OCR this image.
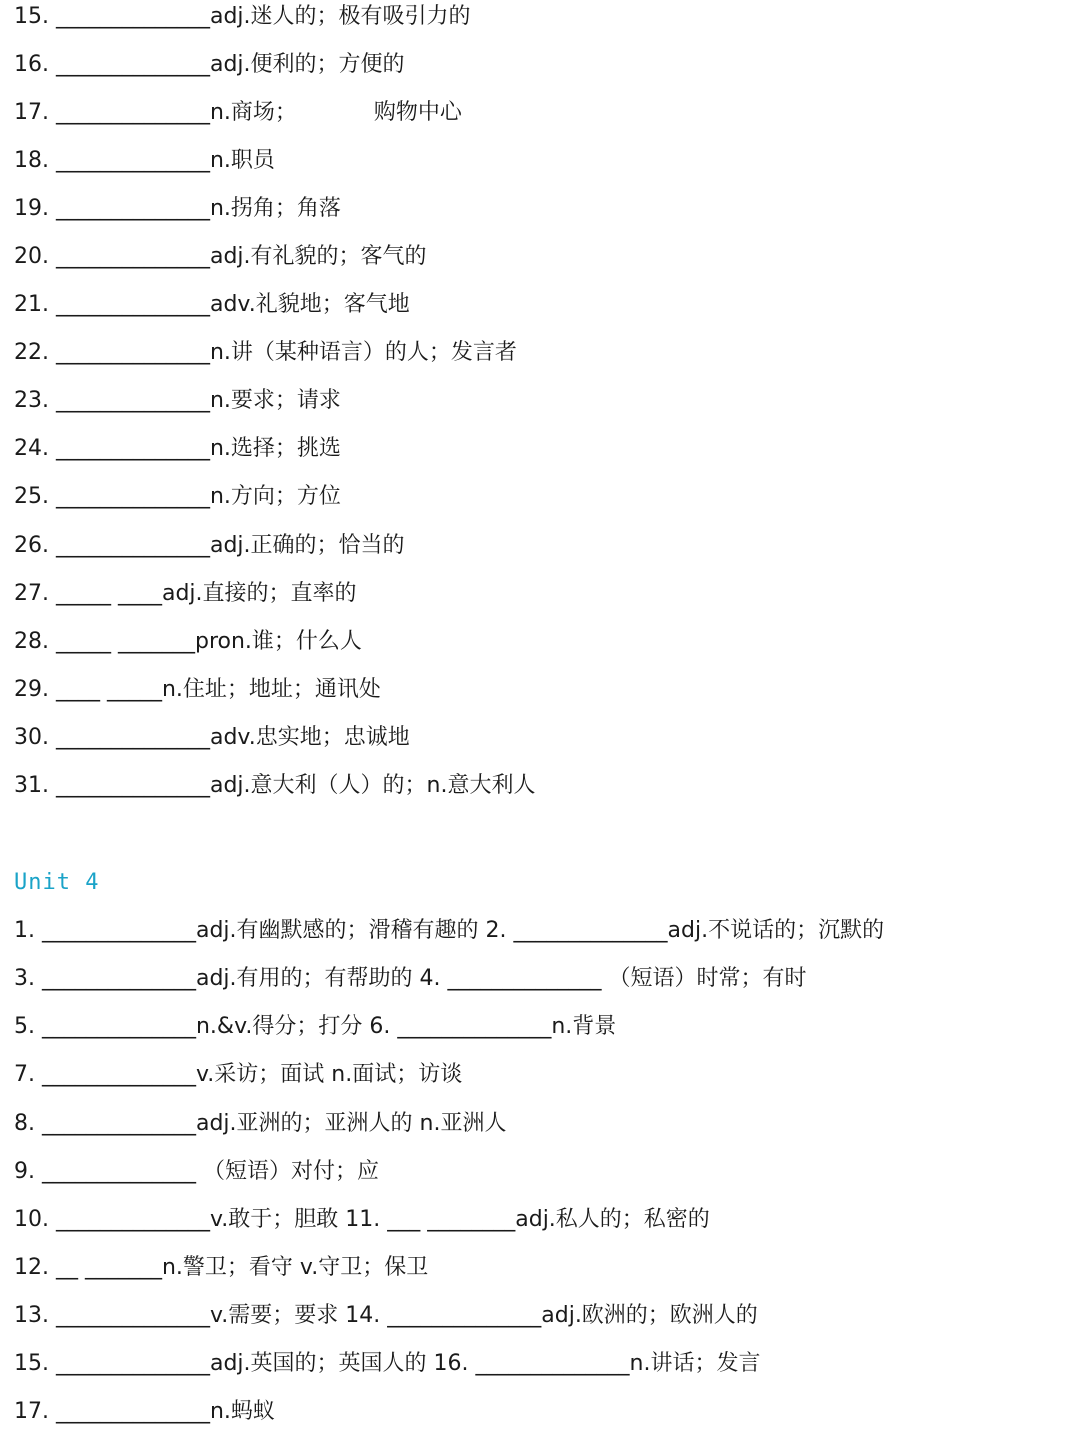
15. ______________adj.迷人的；极有吸引力的
16. ______________adj.便利的；方便的
17. ______________n.商场；           购物中心
18. ______________n.职员
19. ______________n.拐角；角落
20. ______________adj.有礼貌的；客气的
21. ______________adv.礼貌地；客气地
22. ______________n.讲（某种语言）的人；发言者
23. ______________n.要求；请求
24. ______________n.选择；挑选
25. ______________n.方向；方位
26. ______________adj.正确的；恰当的
27. _____ ____adj.直接的；直率的
28. _____ _______pron.谁；什么人
29. ____ _____n.住址；地址；通讯处
30. ______________adv.忠实地；忠诚地
31. ______________adj.意大利（人）的；n.意大利人
Unit 4
1. ______________adj.有幽默感的；滑稽有趣的 2. ______________adj.不说话的；沉默的
3. ______________adj.有用的；有帮助的 4. ______________ （短语）时常；有时
5. ______________n.&v.得分；打分 6. ______________n.背景
7. ______________v.采访；面试 n.面试；访谈
8. ______________adj.亚洲的；亚洲人的 n.亚洲人
9. ______________ （短语）对付；应
10. ______________v.敢于；胆敢 11. ___ ________adj.私人的；私密的
12. __ _______n.警卫；看守 v.守卫；保卫
13. ______________v.需要；要求 14. ______________adj.欧洲的；欧洲人的
15. ______________adj.英国的；英国人的 16. ______________n.讲话；发言
17. ______________n.蚂蚁
